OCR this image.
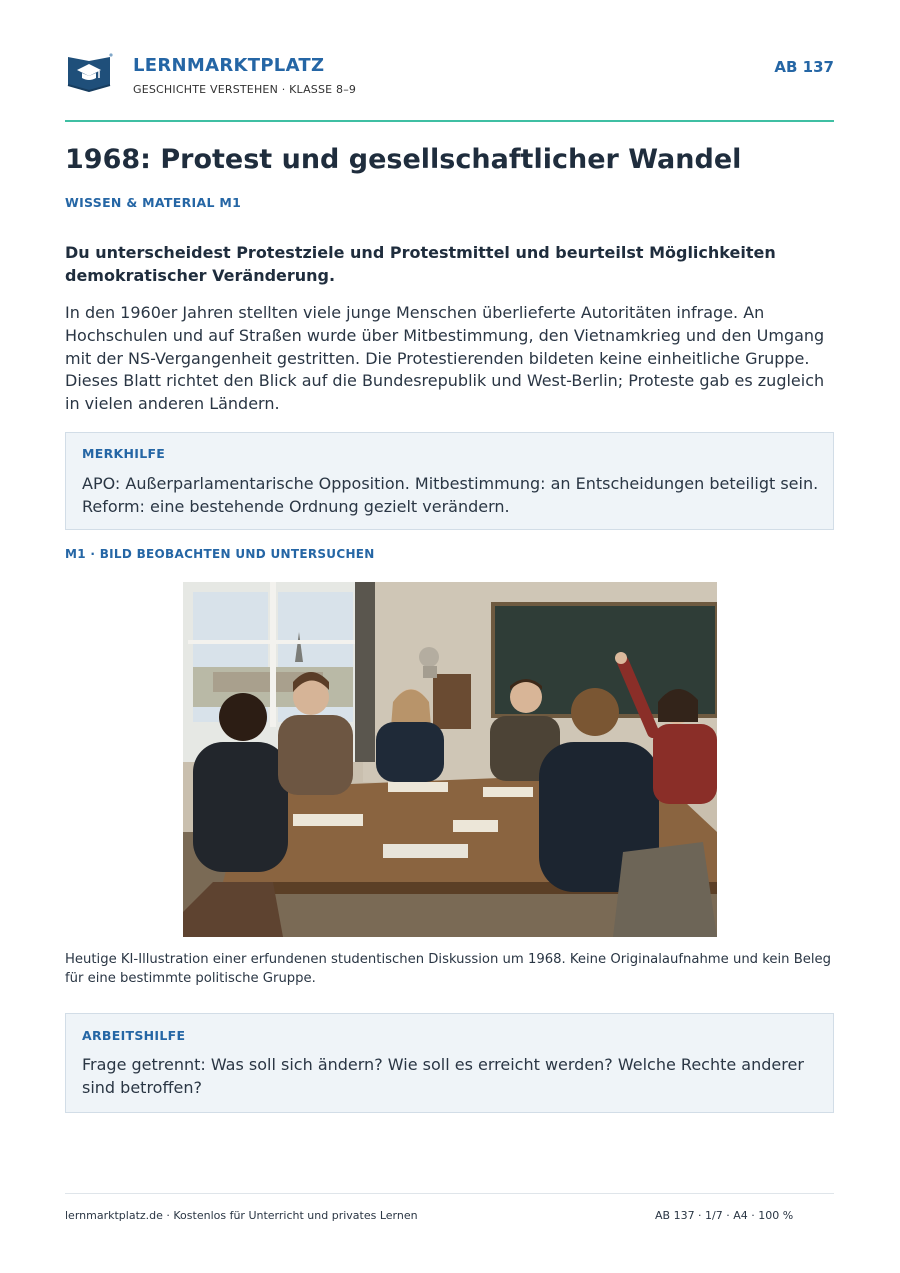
LERNMARKTPLATZ
GESCHICHTE VERSTEHEN · KLASSE 8–9
AB 137
1968: Protest und gesellschaftlicher Wandel
WISSEN & MATERIAL M1

Du unterscheidest Protestziele und Protestmittel und beurteilst Möglichkeiten demokratischer Veränderung.

In den 1960er Jahren stellten viele junge Menschen überlieferte Autoritäten infrage. An Hochschulen und auf Straßen wurde über Mitbestimmung, den Vietnamkrieg und den Umgang mit der NS-Vergangenheit gestritten. Die Protestierenden bildeten keine einheitliche Gruppe. Dieses Blatt richtet den Blick auf die Bundesrepublik und West-Berlin; Proteste gab es zugleich in vielen anderen Ländern.

MERKHILFE

APO: Außerparlamentarische Opposition. Mitbestimmung: an Entscheidungen beteiligt sein. Reform: eine bestehende Ordnung gezielt verändern.

M1 · BILD BEOBACHTEN UND UNTERSUCHEN

Heutige KI-Illustration einer erfundenen studentischen Diskussion um 1968. Keine Originalaufnahme und kein Beleg für eine bestimmte politische Gruppe.

ARBEITSHILFE

Frage getrennt: Was soll sich ändern? Wie soll es erreicht werden? Welche Rechte anderer sind betroffen?

lernmarktplatz.de · Kostenlos für Unterricht und privates Lernen	AB 137 · 1/7 · A4 · 100 %
